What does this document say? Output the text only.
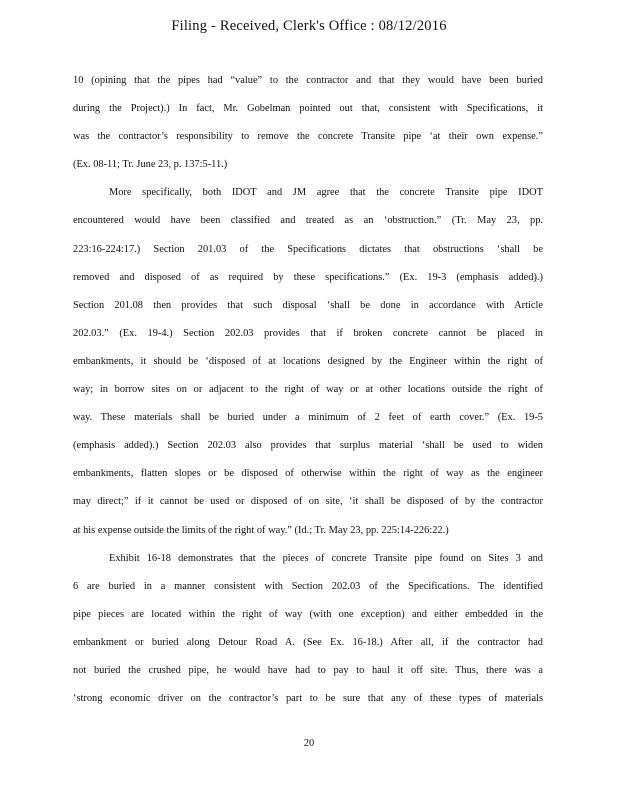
Filing - Received, Clerk's Office : 08/12/2016
10 (opining that the pipes had “value” to the contractor and that they would have been buried
during the Project).) In fact, Mr. Gobelman pointed out that, consistent with Specifications, it
was the contractor’s responsibility to remove the concrete Transite pipe ‘at their own expense.”
(Ex. 08-11; Tr. June 23, p. 137:5-11.)
More specifically, both IDOT and JM agree that the concrete Transite pipe IDOT
encountered would have been classified and treated as an ‘obstruction.” (Tr. May 23, pp.
223:16-224:17.) Section 201.03 of the Specifications dictates that obstructions ‘shall be
removed and disposed of as required by these specifications.” (Ex. 19-3 (emphasis added).)
Section 201.08 then provides that such disposal ‘shall be done in accordance with Article
202.03.” (Ex. 19-4.) Section 202.03 provides that if broken concrete cannot be placed in
embankments, it should be ‘disposed of at locations designed by the Engineer within the right of
way; in borrow sites on or adjacent to the right of way or at other locations outside the right of
way. These materials shall be buried under a minimum of 2 feet of earth cover.” (Ex. 19-5
(emphasis added).) Section 202.03 also provides that surplus material ‘shall be used to widen
embankments, flatten slopes or be disposed of otherwise within the right of way as the engineer
may direct;” if it cannot be used or disposed of on site, ‘it shall be disposed of by the contractor
at his expense outside the limits of the right of way.” (Id.; Tr. May 23, pp. 225:14-226:22.)
Exhibit 16-18 demonstrates that the pieces of concrete Transite pipe found on Sites 3 and
6 are buried in a manner consistent with Section 202.03 of the Specifications. The identified
pipe pieces are located within the right of way (with one exception) and either embedded in the
embankment or buried along Detour Road A. (See Ex. 16-18.) After all, if the contractor had
not buried the crushed pipe, he would have had to pay to haul it off site. Thus, there was a
‘strong economic driver on the contractor’s part to be sure that any of these types of materials
20
